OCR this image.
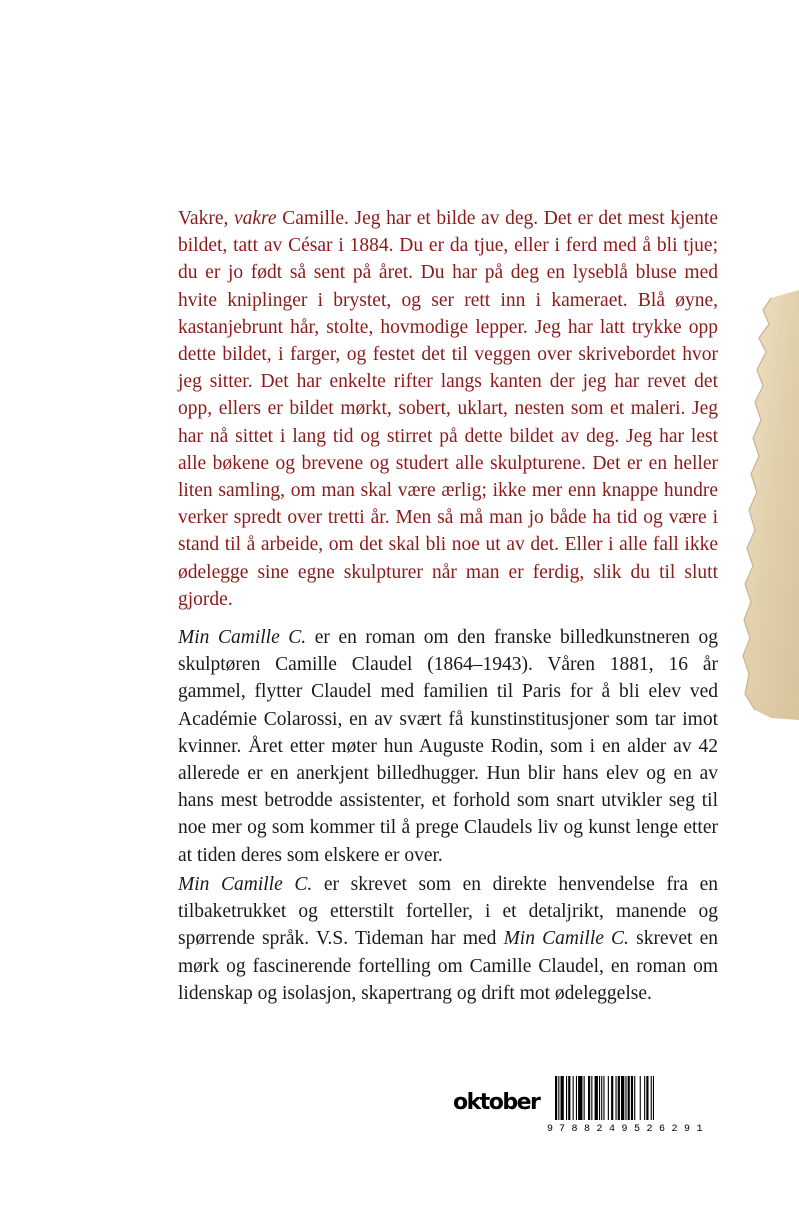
Vakre, vakre Camille. Jeg har et bilde av deg. Det er det mest kjente bildet, tatt av César i 1884. Du er da tjue, eller i ferd med å bli tjue; du er jo født så sent på året. Du har på deg en lyseblå bluse med hvite kniplinger i brystet, og ser rett inn i kameraet. Blå øyne, kastanjebrunt hår, stolte, hovmodige lepper. Jeg har latt trykke opp dette bildet, i farger, og festet det til veggen over skrivebordet hvor jeg sitter. Det har enkelte rifter langs kanten der jeg har revet det opp, ellers er bildet mørkt, sobert, uklart, nesten som et maleri. Jeg har nå sittet i lang tid og stirret på dette bildet av deg. Jeg har lest alle bøkene og brevene og studert alle skulpturene. Det er en heller liten samling, om man skal være ærlig; ikke mer enn knappe hundre verker spredt over tretti år. Men så må man jo både ha tid og være i stand til å arbeide, om det skal bli noe ut av det. Eller i alle fall ikke ødelegge sine egne skulpturer når man er ferdig, slik du til slutt gjorde.

Min Camille C. er en roman om den franske billedkunstneren og skulptøren Camille Claudel (1864–1943). Våren 1881, 16 år gammel, flytter Claudel med familien til Paris for å bli elev ved Académie Colarossi, en av svært få kunstinstitusjoner som tar imot kvinner. Året etter møter hun Auguste Rodin, som i en alder av 42 allerede er en anerkjent billedhugger. Hun blir hans elev og en av hans mest betrodde assistenter, et forhold som snart utvikler seg til noe mer og som kommer til å prege Claudels liv og kunst lenge etter at tiden deres som elskere er over.

Min Camille C. er skrevet som en direkte henvendelse fra en tilbaketrukket og etterstilt forteller, i et detaljrikt, manende og spørrende språk. V.S. Tideman har med Min Camille C. skrevet en mørk og fascinerende fortelling om Camille Claudel, en roman om lidenskap og isolasjon, skapertrang og drift mot ødeleggelse.

oktober
9 7 8 8 2 4 9 5 2 6 2 9 1
